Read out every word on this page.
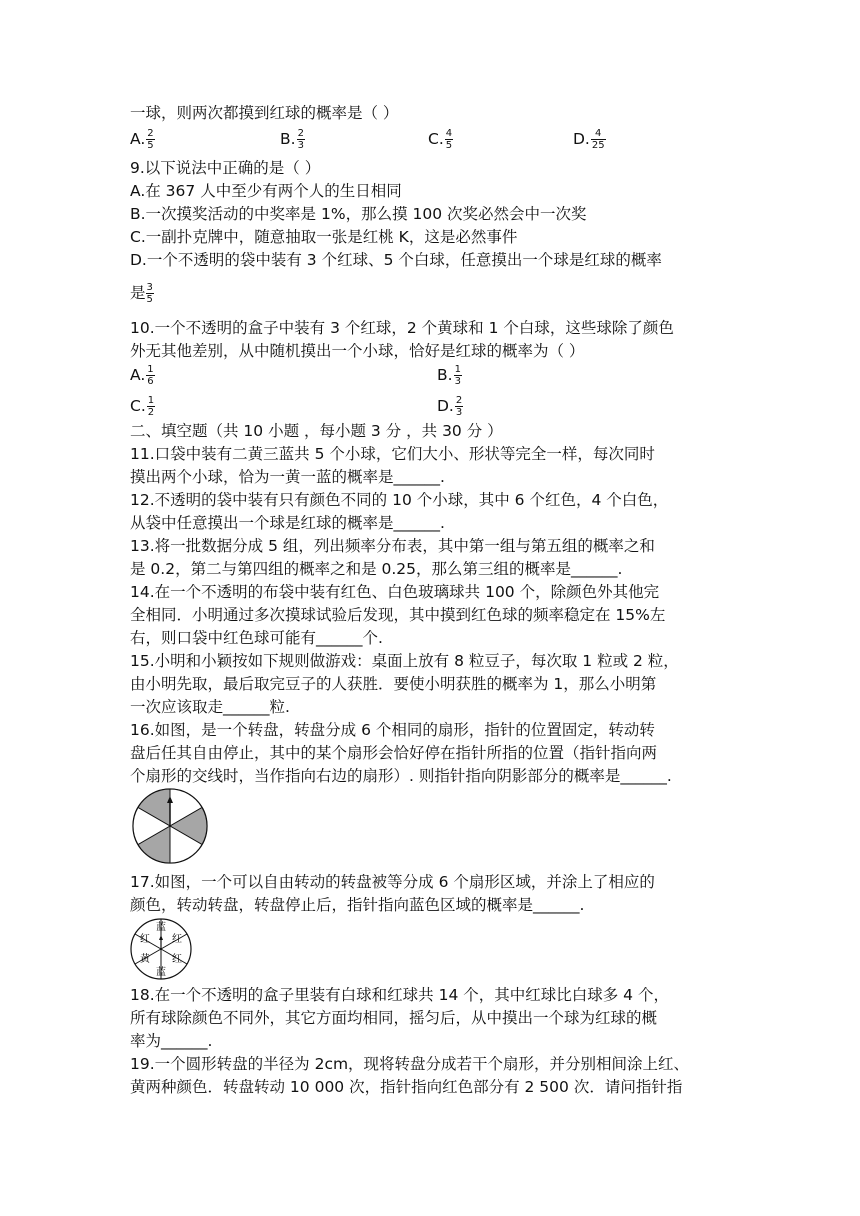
一球，则两次都摸到红球的概率是（ ）
A. $\frac{2}{5}$	B. $\frac{2}{3}$	C. $\frac{4}{5}$	D. $\frac{4}{25}$
9.以下说法中正确的是（ ）
A.在 367 人中至少有两个人的生日相同
B.一次摸奖活动的中奖率是 1%，那么摸 100 次奖必然会中一次奖
C.一副扑克牌中，随意抽取一张是红桃 K，这是必然事件
D.一个不透明的袋中装有 3 个红球、5 个白球，任意摸出一个球是红球的概率
是 $\frac{3}{5}$
10.一个不透明的盒子中装有 3 个红球，2 个黄球和 1 个白球，这些球除了颜色
外无其他差别，从中随机摸出一个小球，恰好是红球的概率为（ ）
A. $\frac{1}{6}$	B. $\frac{1}{3}$
C. $\frac{1}{2}$	D. $\frac{2}{3}$
二、填空题（共 10 小题 ，每小题 3 分 ，共 30 分 ）
11.口袋中装有二黄三蓝共 5 个小球，它们大小、形状等完全一样，每次同时
摸出两个小球，恰为一黄一蓝的概率是______.
12.不透明的袋中装有只有颜色不同的 10 个小球，其中 6 个红色，4 个白色，
从袋中任意摸出一个球是红球的概率是______.
13.将一批数据分成 5 组，列出频率分布表，其中第一组与第五组的概率之和
是 0.2，第二与第四组的概率之和是 0.25，那么第三组的概率是______.
14.在一个不透明的布袋中装有红色、白色玻璃球共 100 个，除颜色外其他完
全相同．小明通过多次摸球试验后发现，其中摸到红色球的频率稳定在 15%左
右，则口袋中红色球可能有______个.
15.小明和小颖按如下规则做游戏：桌面上放有 8 粒豆子，每次取 1 粒或 2 粒，
由小明先取，最后取完豆子的人获胜．要使小明获胜的概率为 1，那么小明第
一次应该取走______粒.
16.如图，是一个转盘，转盘分成 6 个相同的扇形，指针的位置固定，转动转
盘后任其自由停止，其中的某个扇形会恰好停在指针所指的位置（指针指向两
个扇形的交线时，当作指向右边的扇形）. 则指针指向阴影部分的概率是______.
17.如图，一个可以自由转动的转盘被等分成 6 个扇形区域，并涂上了相应的
颜色，转动转盘，转盘停止后，指针指向蓝色区域的概率是______.
蓝
红
红
蓝
黄
红
18.在一个不透明的盒子里装有白球和红球共 14 个，其中红球比白球多 4 个，
所有球除颜色不同外，其它方面均相同，摇匀后，从中摸出一个球为红球的概
率为______.
19.一个圆形转盘的半径为 2cm，现将转盘分成若干个扇形，并分别相间涂上红、
黄两种颜色．转盘转动 10 000 次，指针指向红色部分有 2 500 次．请问指针指
